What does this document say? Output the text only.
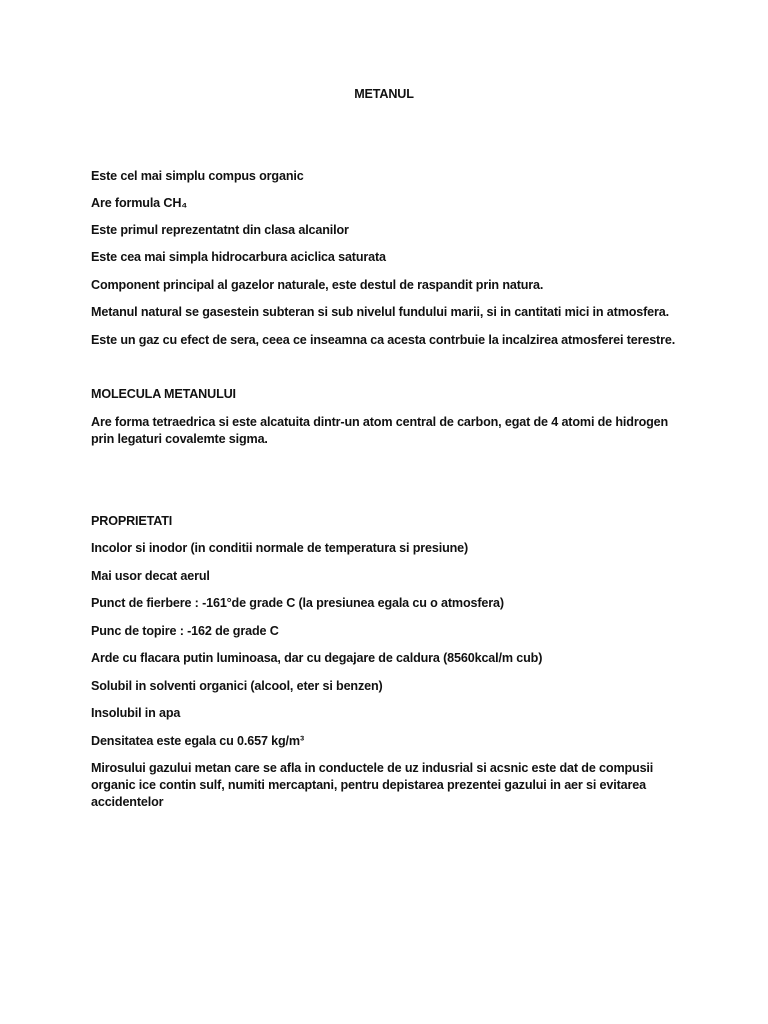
METANUL
Este cel mai simplu compus organic
Are formula CH₄
Este primul reprezentatnt din clasa alcanilor
Este cea mai simpla hidrocarbura aciclica saturata
Component principal al gazelor naturale, este destul de raspandit prin natura.
Metanul natural se gasestein subteran si sub nivelul fundului marii, si in cantitati mici in atmosfera.
Este un gaz cu efect de sera, ceea ce inseamna ca acesta contrbuie la incalzirea atmosferei terestre.
MOLECULA METANULUI
Are forma tetraedrica si este alcatuita dintr-un atom central de carbon, egat de 4 atomi de hidrogen prin legaturi covalemte sigma.
PROPRIETATI
Incolor si inodor (in conditii normale de temperatura si presiune)
Mai usor decat aerul
Punct de fierbere : -161°de grade C (la presiunea egala cu o atmosfera)
Punc de topire : -162 de grade C
Arde cu flacara putin luminoasa, dar cu degajare de caldura (8560kcal/m cub)
Solubil in solventi organici (alcool, eter si benzen)
Insolubil in apa
Densitatea este egala cu 0.657 kg/m³
Mirosului gazului metan care se afla in conductele de uz indusrial si acsnic este dat de compusii organic ice contin sulf, numiti mercaptani, pentru depistarea prezentei gazului in aer si evitarea accidentelor
